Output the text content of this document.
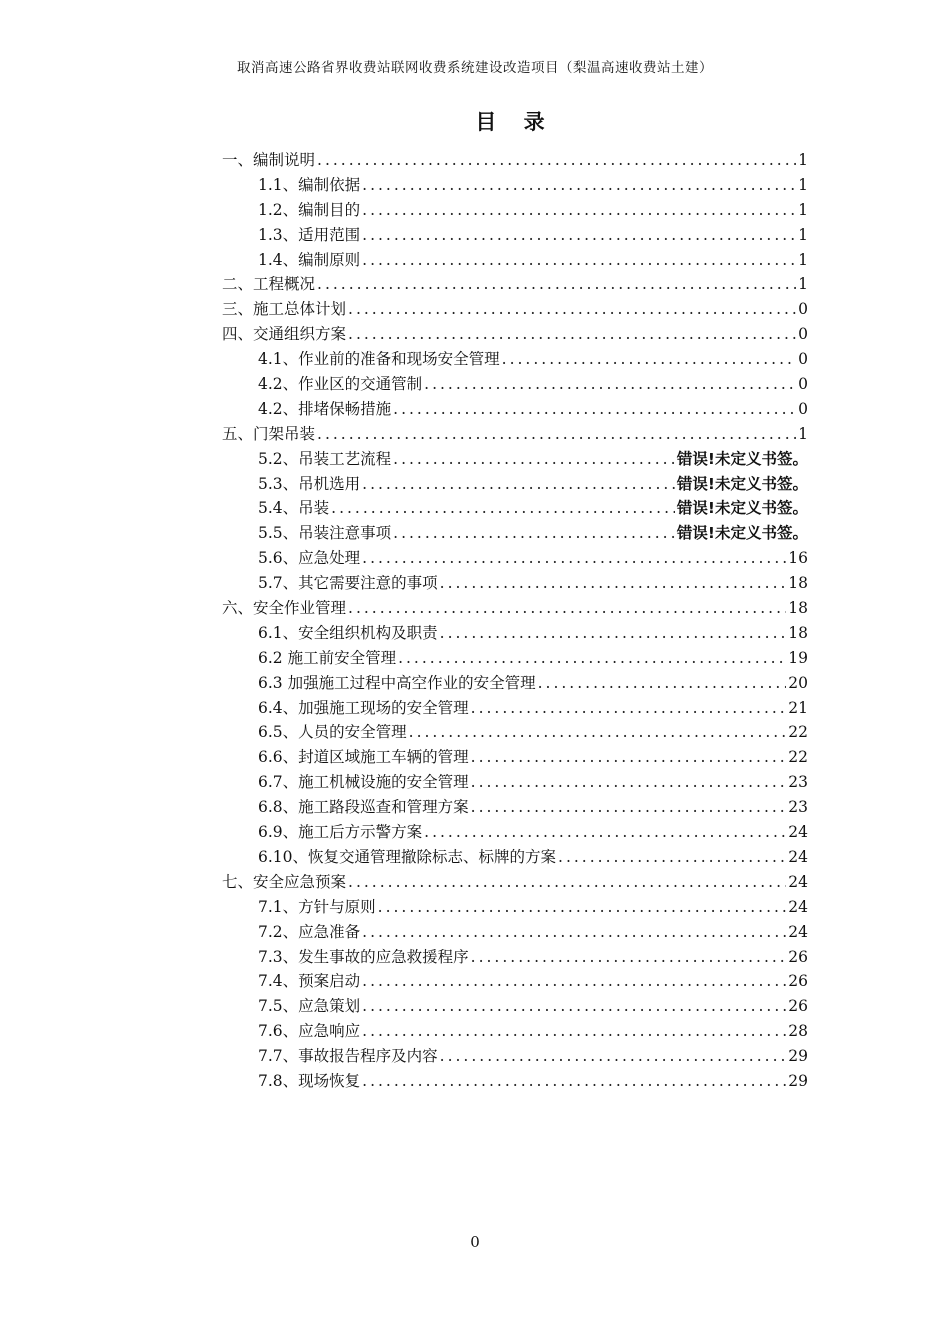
取消高速公路省界收费站联网收费系统建设改造项目（梨温高速收费站土建）
目 录
一、编制说明 .....	1
1.1、编制依据 .....	1
1.2、编制目的 .....	1
1.3、适用范围 .....	1
1.4、编制原则 .....	1
二、工程概况 .....	1
三、施工总体计划 .....	0
四、交通组织方案 .....	0
4.1、作业前的准备和现场安全管理 .....	0
4.2、作业区的交通管制 .....	0
4.2、排堵保畅措施 .....	0
五、门架吊装 .....	1
5.2、吊装工艺流程 .....	错误!未定义书签。
5.3、吊机选用 .....	错误!未定义书签。
5.4、吊装 .....	错误!未定义书签。
5.5、吊装注意事项 .....	错误!未定义书签。
5.6、应急处理 .....	16
5.7、其它需要注意的事项 .....	18
六、安全作业管理 .....	18
6.1、安全组织机构及职责 .....	18
6.2 施工前安全管理 .....	19
6.3 加强施工过程中高空作业的安全管理 .....	20
6.4、加强施工现场的安全管理 .....	21
6.5、人员的安全管理 .....	22
6.6、封道区域施工车辆的管理 .....	22
6.7、施工机械设施的安全管理 .....	23
6.8、施工路段巡查和管理方案 .....	23
6.9、施工后方示警方案 .....	24
6.10、恢复交通管理撤除标志、标牌的方案 .....	24
七、安全应急预案 .....	24
7.1、方针与原则 .....	24
7.2、应急准备 .....	24
7.3、发生事故的应急救援程序 .....	26
7.4、预案启动 .....	26
7.5、应急策划 .....	26
7.6、应急响应 .....	28
7.7、事故报告程序及内容 .....	29
7.8、现场恢复 .....	29
0
